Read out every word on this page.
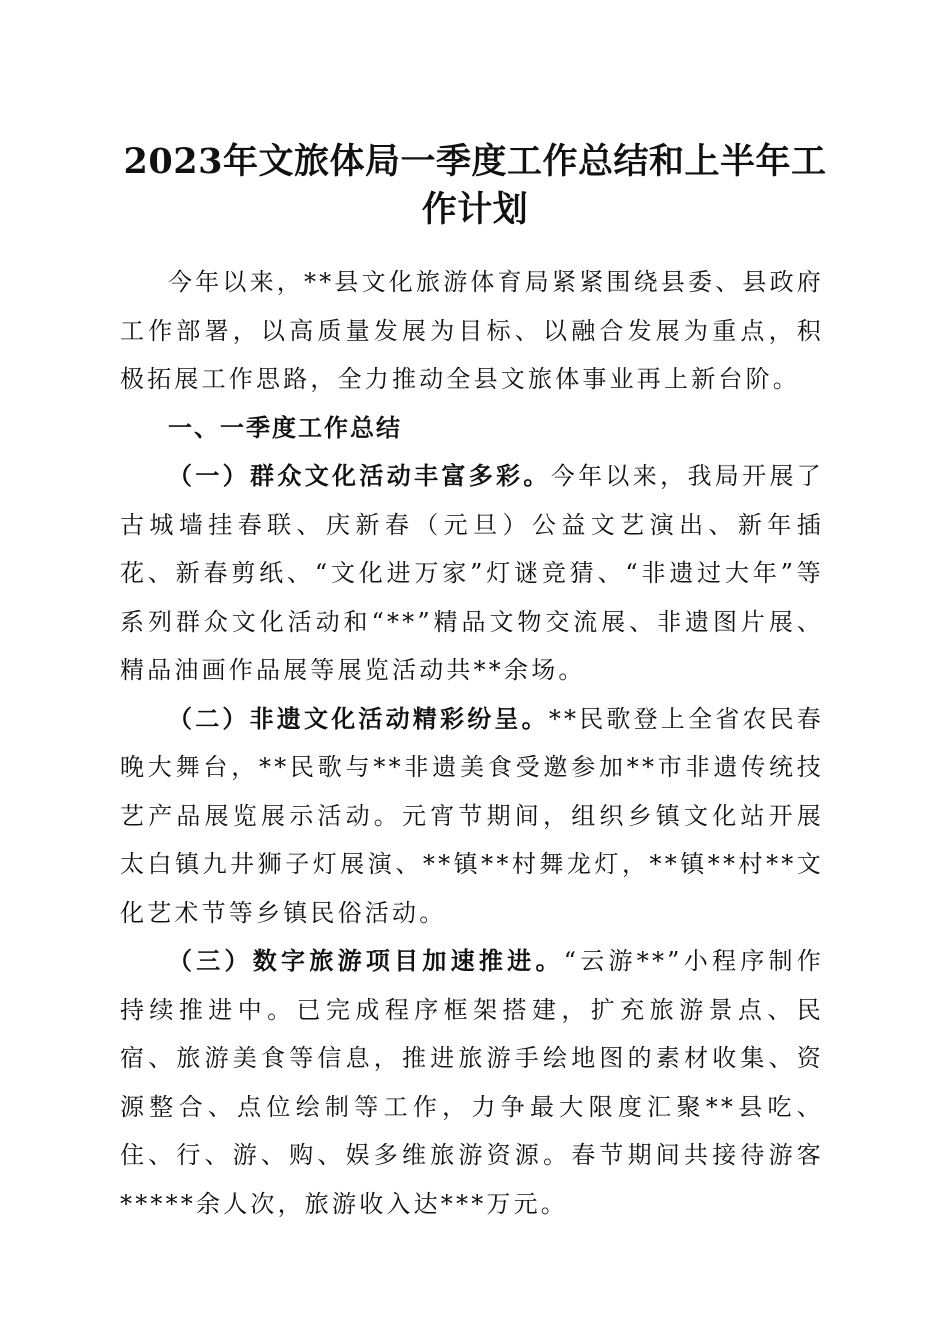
2023年文旅体局一季度工作总结和上半年工
作计划

今年以来，**县文化旅游体育局紧紧围绕县委、县政府工作部署，以高质量发展为目标、以融合发展为重点，积极拓展工作思路，全力推动全县文旅体事业再上新台阶。

一、一季度工作总结

（一）群众文化活动丰富多彩。今年以来，我局开展了古城墙挂春联、庆新春（元旦）公益文艺演出、新年插花、新春剪纸、“文化进万家”灯谜竞猜、“非遗过大年”等系列群众文化活动和“**”精品文物交流展、非遗图片展、精品油画作品展等展览活动共**余场。

（二）非遗文化活动精彩纷呈。**民歌登上全省农民春晚大舞台，**民歌与**非遗美食受邀参加**市非遗传统技艺产品展览展示活动。元宵节期间，组织乡镇文化站开展太白镇九井狮子灯展演、**镇**村舞龙灯，**镇**村**文化艺术节等乡镇民俗活动。

（三）数字旅游项目加速推进。“云游**”小程序制作持续推进中。已完成程序框架搭建，扩充旅游景点、民宿、旅游美食等信息，推进旅游手绘地图的素材收集、资源整合、点位绘制等工作，力争最大限度汇聚**县吃、住、行、游、购、娱多维旅游资源。春节期间共接待游客*****余人次，旅游收入达***万元。
